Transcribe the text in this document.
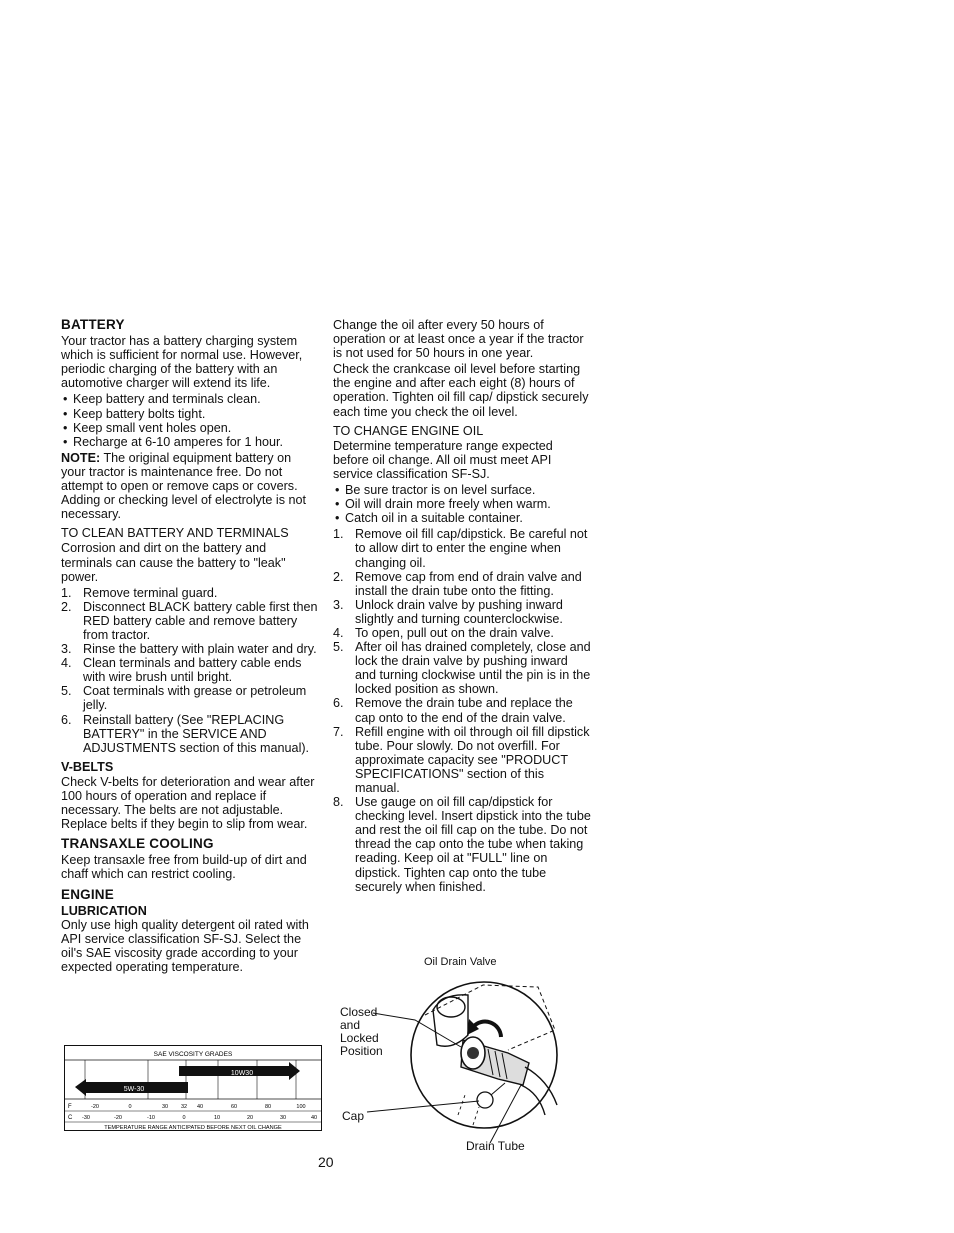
BATTERY

Your tractor has a battery charging system which is sufficient for normal use. However, periodic charging of the battery with an automotive charger will extend its life.

• Keep battery and terminals clean.
• Keep battery bolts tight.
• Keep small vent holes open.
• Recharge at 6-10 amperes for 1 hour.

NOTE: The original equipment battery on your tractor is maintenance free. Do not attempt to open or remove caps or covers. Adding or checking level of electrolyte is not necessary.

TO CLEAN BATTERY AND TERMINALS

Corrosion and dirt on the battery and terminals can cause the battery to "leak" power.

1. Remove terminal guard.
2. Disconnect BLACK battery cable first then RED battery cable and remove battery from tractor.
3. Rinse the battery with plain water and dry.
4. Clean terminals and battery cable ends with wire brush until bright.
5. Coat terminals with grease or petroleum jelly.
6. Reinstall battery (See "REPLACING BATTERY" in the SERVICE AND ADJUSTMENTS section of this manual).
V-BELTS

Check V-belts for deterioration and wear after 100 hours of operation and replace if necessary. The belts are not adjustable. Replace belts if they begin to slip from wear.

TRANSAXLE COOLING

Keep transaxle free from build-up of dirt and chaff which can restrict cooling.

ENGINE
LUBRICATION

Only use high quality detergent oil rated with API service classification SF-SJ. Select the oil's SAE viscosity grade according to your expected operating temperature.

SAE VISCOSITY GRADES
10W30
5W-30
F	-20	0	30 32 40	60	80	100
C -30	-20	-10	0	10	20	30	40
TEMPERATURE RANGE ANTICIPATED BEFORE NEXT OIL CHANGE

Change the oil after every 50 hours of operation or at least once a year if the tractor is not used for 50 hours in one year.

Check the crankcase oil level before starting the engine and after each eight (8) hours of operation. Tighten oil fill cap/ dipstick securely each time you check the oil level.

TO CHANGE ENGINE OIL

Determine temperature range expected before oil change. All oil must meet API service classification SF-SJ.

• Be sure tractor is on level surface.
• Oil will drain more freely when warm.
• Catch oil in a suitable container.
1. Remove oil fill cap/dipstick. Be careful not to allow dirt to enter the engine when changing oil.
2. Remove cap from end of drain valve and install the drain tube onto the fitting.
3. Unlock drain valve by pushing inward slightly and turning counterclockwise.
4. To open, pull out on the drain valve.
5. After oil has drained completely, close and lock the drain valve by pushing inward and turning clockwise until the pin is in the locked position as shown.
6. Remove the drain tube and replace the cap onto to the end of the drain valve.
7. Refill engine with oil through oil fill dipstick tube. Pour slowly. Do not overfill. For approximate capacity see "PRODUCT SPECIFICATIONS" section of this manual.
8. Use gauge on oil fill cap/dipstick for checking level. Insert dipstick into the tube and rest the oil fill cap on the tube. Do not thread the cap onto the tube when taking reading. Keep oil at "FULL" line on dipstick. Tighten cap onto the tube securely when finished.
Oil Drain Valve
Closed
and
Locked
Position
Cap
Drain Tube
20
